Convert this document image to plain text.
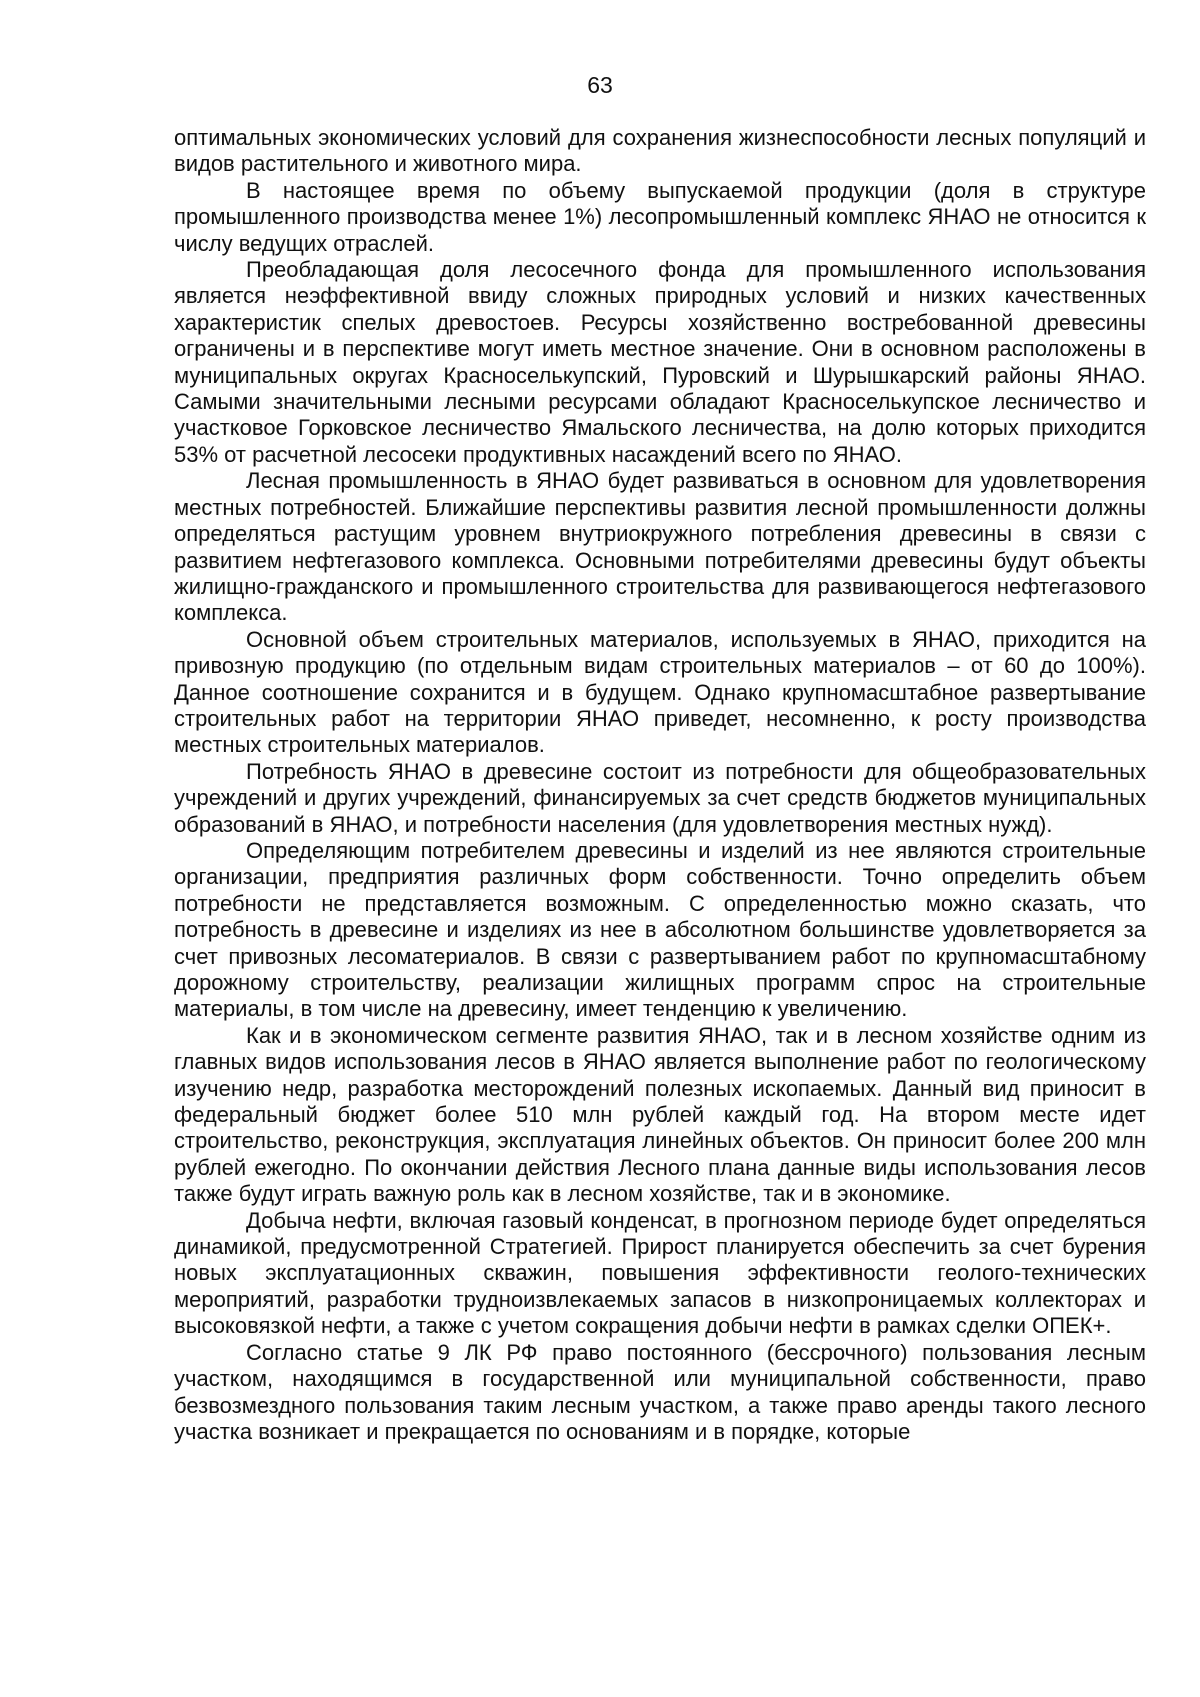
63

оптимальных экономических условий для сохранения жизнеспособности лесных популяций и видов растительного и животного мира.

В настоящее время по объему выпускаемой продукции (доля в структуре промышленного производства менее 1%) лесопромышленный комплекс ЯНАО не относится к числу ведущих отраслей.

Преобладающая доля лесосечного фонда для промышленного использования является неэффективной ввиду сложных природных условий и низких качественных характеристик спелых древостоев. Ресурсы хозяйственно востребованной древесины ограничены и в перспективе могут иметь местное значение. Они в основном расположены в муниципальных округах Красноселькупский, Пуровский и Шурышкарский районы ЯНАО. Самыми значительными лесными ресурсами обладают Красноселькупское лесничество и участковое Горковское лесничество Ямальского лесничества, на долю которых приходится 53% от расчетной лесосеки продуктивных насаждений всего по ЯНАО.

Лесная промышленность в ЯНАО будет развиваться в основном для удовлетворения местных потребностей. Ближайшие перспективы развития лесной промышленности должны определяться растущим уровнем внутриокружного потребления древесины в связи с развитием нефтегазового комплекса. Основными потребителями древесины будут объекты жилищно-гражданского и промышленного строительства для развивающегося нефтегазового комплекса.

Основной объем строительных материалов, используемых в ЯНАО, приходится на привозную продукцию (по отдельным видам строительных материалов – от 60 до 100%). Данное соотношение сохранится и в будущем. Однако крупномасштабное развертывание строительных работ на территории ЯНАО приведет, несомненно, к росту производства местных строительных материалов.

Потребность ЯНАО в древесине состоит из потребности для общеобразовательных учреждений и других учреждений, финансируемых за счет средств бюджетов муниципальных образований в ЯНАО, и потребности населения (для удовлетворения местных нужд).

Определяющим потребителем древесины и изделий из нее являются строительные организации, предприятия различных форм собственности. Точно определить объем потребности не представляется возможным. С определенностью можно сказать, что потребность в древесине и изделиях из нее в абсолютном большинстве удовлетворяется за счет привозных лесоматериалов. В связи с развертыванием работ по крупномасштабному дорожному строительству, реализации жилищных программ спрос на строительные материалы, в том числе на древесину, имеет тенденцию к увеличению.

Как и в экономическом сегменте развития ЯНАО, так и в лесном хозяйстве одним из главных видов использования лесов в ЯНАО является выполнение работ по геологическому изучению недр, разработка месторождений полезных ископаемых. Данный вид приносит в федеральный бюджет более 510 млн рублей каждый год. На втором месте идет строительство, реконструкция, эксплуатация линейных объектов. Он приносит более 200 млн рублей ежегодно. По окончании действия Лесного плана данные виды использования лесов также будут играть важную роль как в лесном хозяйстве, так и в экономике.

Добыча нефти, включая газовый конденсат, в прогнозном периоде будет определяться динамикой, предусмотренной Стратегией. Прирост планируется обеспечить за счет бурения новых эксплуатационных скважин, повышения эффективности геолого-технических мероприятий, разработки трудноизвлекаемых запасов в низкопроницаемых коллекторах и высоковязкой нефти, а также с учетом сокращения добычи нефти в рамках сделки ОПЕК+.

Согласно статье 9 ЛК РФ право постоянного (бессрочного) пользования лесным участком, находящимся в государственной или муниципальной собственности, право безвозмездного пользования таким лесным участком, а также право аренды такого лесного участка возникает и прекращается по основаниям и в порядке, которые
